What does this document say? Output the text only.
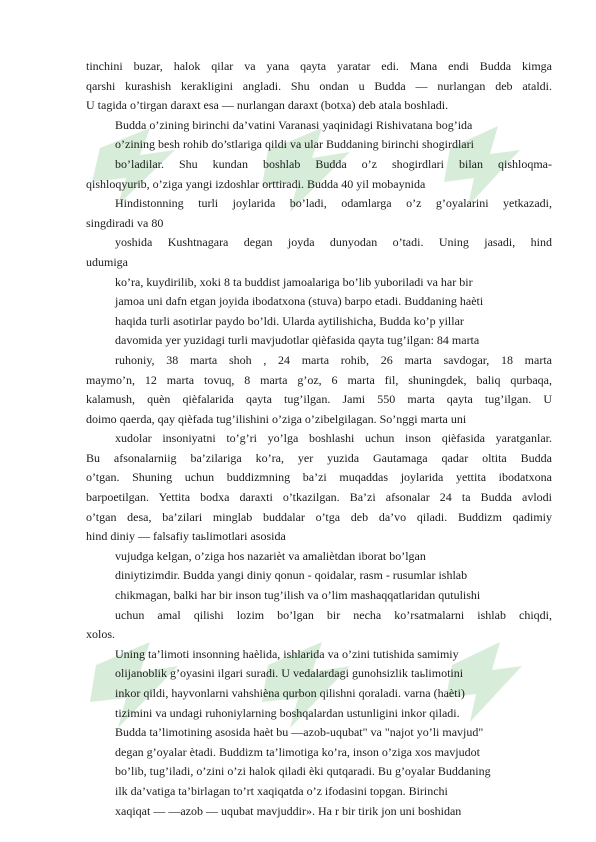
tinchini buzar, halok qilar va yana qayta yaratar edi. Mana endi Budda kimga
qarshi kurashish kerakligini angladi. Shu ondan u Budda — nurlangan deb ataldi.
U tagida o’tirgan daraxt esa — nurlangan daraxt (botxa) deb atala boshladi.
Budda o’zining birinchi da’vatini Varanasi yaqinidagi Rishivatana bog’ida
o’zining besh rohib do’stlariga qildi va ular Buddaning birinchi shogirdlari
bo’ladilar. Shu kundan boshlab Budda o’z shogirdlari bilan qishloqma-
qishloqyurib, o’ziga yangi izdoshlar orttiradi. Budda 40 yil mobaynida
Hindistonning turli joylarida bo’ladi, odamlarga o’z g’oyalarini yetkazadi,
singdiradi va 80
yoshida Kushtnagara degan joyda dunyodan o’tadi. Uning jasadi, hind
udumiga
ko’ra, kuydirilib, xoki 8 ta buddist jamoalariga bo’lib yuboriladi va har bir
jamoa uni dafn etgan joyida ibodatxona (stuva) barpo etadi. Buddaning haèti
haqida turli asotirlar paydo bo’ldi. Ularda aytilishicha, Budda ko’p yillar
davomida yer yuzidagi turli mavjudotlar qièfasida qayta tug’ilgan: 84 marta
ruhoniy, 38 marta shoh , 24 marta rohib, 26 marta savdogar, 18 marta
maymo’n, 12 marta tovuq, 8 marta g’oz, 6 marta fil, shuningdek, baliq qurbaqa,
kalamush, quèn qièfalarida qayta tug’ilgan. Jami 550 marta qayta tug’ilgan. U
doimo qaerda, qay qièfada tug’ilishini o’ziga o’zibelgilagan. So’nggi marta uni
xudolar insoniyatni to’g’ri yo’lga boshlashi uchun inson qièfasida yaratganlar.
Bu afsonalarniig ba’zilariga ko’ra, yer yuzida Gautamaga qadar oltita Budda
o’tgan. Shuning uchun buddizmning ba’zi muqaddas joylarida yettita ibodatxona
barpoetilgan. Yettita bodxa daraxti o’tkazilgan. Ba’zi afsonalar 24 ta Budda avlodi
o’tgan desa, ba’zilari minglab buddalar o’tga deb da’vo qiladi. Buddizm qadimiy
hind diniy — falsafiy taьlimotlari asosida
vujudga kelgan, o’ziga hos nazariѐt va amaliѐtdan iborat bo’lgan
diniytizimdir. Budda yangi diniy qonun - qoidalar, rasm - rusumlar ishlab
chikmagan, balki har bir inson tug’ilish va o’lim mashaqqatlaridan qutulishi
uchun amal qilishi lozim bo’lgan bir necha ko’rsatmalarni ishlab chiqdi,
xolos.
Uning ta’limoti insonning haèlida, ishlarida va o’zini tutishida samimiy
olijanoblik g’oyasini ilgari suradi. U vedalardagi gunohsizlik taьlimotini
inkor qildi, hayvonlarni vahshièna qurbon qilishni qoraladi. varna (haèti)
tizimini va undagi ruhoniylarning boshqalardan ustunligini inkor qiladi.
Budda ta’limotining asosida haèt bu —azob-uqubat" va "najot yo’li mavjud"
degan g’oyalar ètadi. Buddizm ta’limotiga ko’ra, inson o’ziga xos mavjudot
bo’lib, tug’iladi, o’zini o’zi halok qiladi èki qutqaradi. Bu g’oyalar Buddaning
ilk da’vatiga ta’birlagan to’rt xaqiqatda o’z ifodasini topgan. Birinchi
xaqiqat — —azob — uqubat mavjuddir». Ha r bir tirik jon uni boshidan
